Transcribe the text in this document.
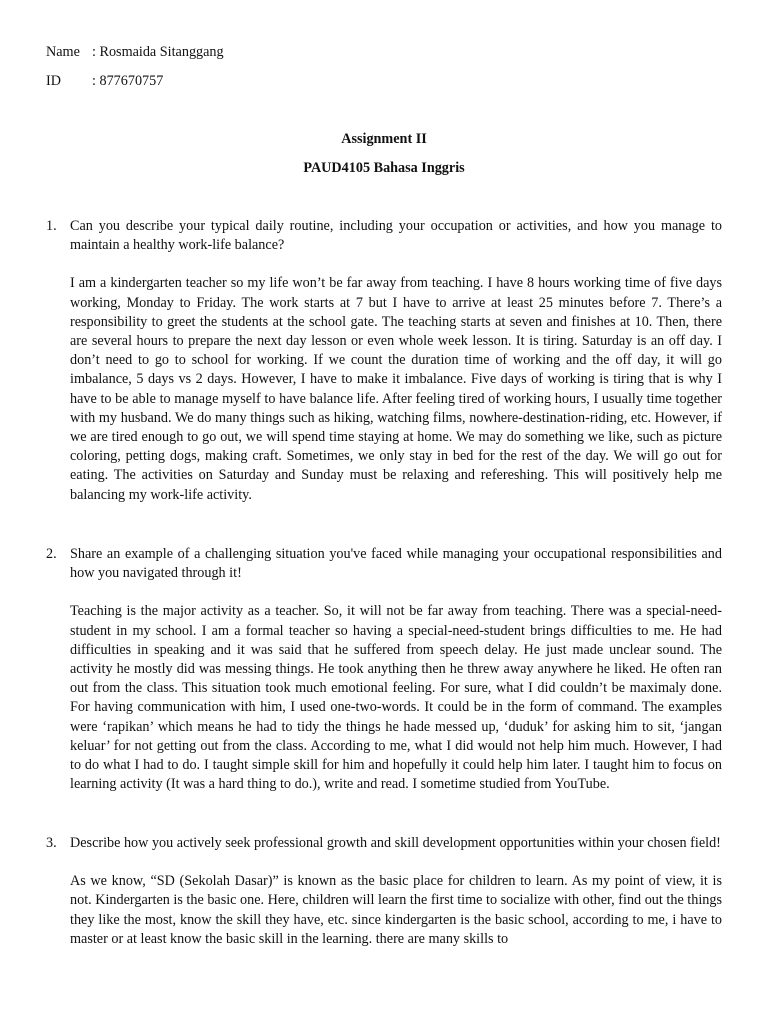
Name : Rosmaida Sitanggang
ID : 877670757
Assignment II
PAUD4105 Bahasa Inggris
1. Can you describe your typical daily routine, including your occupation or activities, and how you manage to maintain a healthy work-life balance?
I am a kindergarten teacher so my life won’t be far away from teaching. I have 8 hours working time of five days working, Monday to Friday. The work starts at 7 but I have to arrive at least 25 minutes before 7. There’s a responsibility to greet the students at the school gate. The teaching starts at seven and finishes at 10. Then, there are several hours to prepare the next day lesson or even whole week lesson. It is tiring. Saturday is an off day. I don’t need to go to school for working. If we count the duration time of working and the off day, it will go imbalance, 5 days vs 2 days. However, I have to make it imbalance. Five days of working is tiring that is why I have to be able to manage myself to have balance life. After feeling tired of working hours, I usually time together with my husband. We do many things such as hiking, watching films, nowhere-destination-riding, etc. However, if we are tired enough to go out, we will spend time staying at home. We may do something we like, such as picture coloring, petting dogs, making craft. Sometimes, we only stay in bed for the rest of the day. We will go out for eating. The activities on Saturday and Sunday must be relaxing and refereshing. This will positively help me balancing my work-life activity.
2. Share an example of a challenging situation you've faced while managing your occupational responsibilities and how you navigated through it!
Teaching is the major activity as a teacher. So, it will not be far away from teaching. There was a special-need-student in my school. I am a formal teacher so having a special-need-student brings difficulties to me. He had difficulties in speaking and it was said that he suffered from speech delay. He just made unclear sound. The activity he mostly did was messing things. He took anything then he threw away anywhere he liked. He often ran out from the class. This situation took much emotional feeling. For sure, what I did couldn’t be maximaly done. For having communication with him, I used one-two-words. It could be in the form of command. The examples were ‘rapikan’ which means he had to tidy the things he hade messed up, ‘duduk’ for asking him to sit, ‘jangan keluar’ for not getting out from the class. According to me, what I did would not help him much. However, I had to do what I had to do. I taught simple skill for him and hopefully it could help him later. I taught him to focus on learning activity (It was a hard thing to do.), write and read. I sometime studied from YouTube.
3. Describe how you actively seek professional growth and skill development opportunities within your chosen field!
As we know, “SD (Sekolah Dasar)” is known as the basic place for children to learn. As my point of view, it is not. Kindergarten is the basic one. Here, children will learn the first time to socialize with other, find out the things they like the most, know the skill they have, etc. since kindergarten is the basic school, according to me, i have to master or at least know the basic skill in the learning. there are many skills to
